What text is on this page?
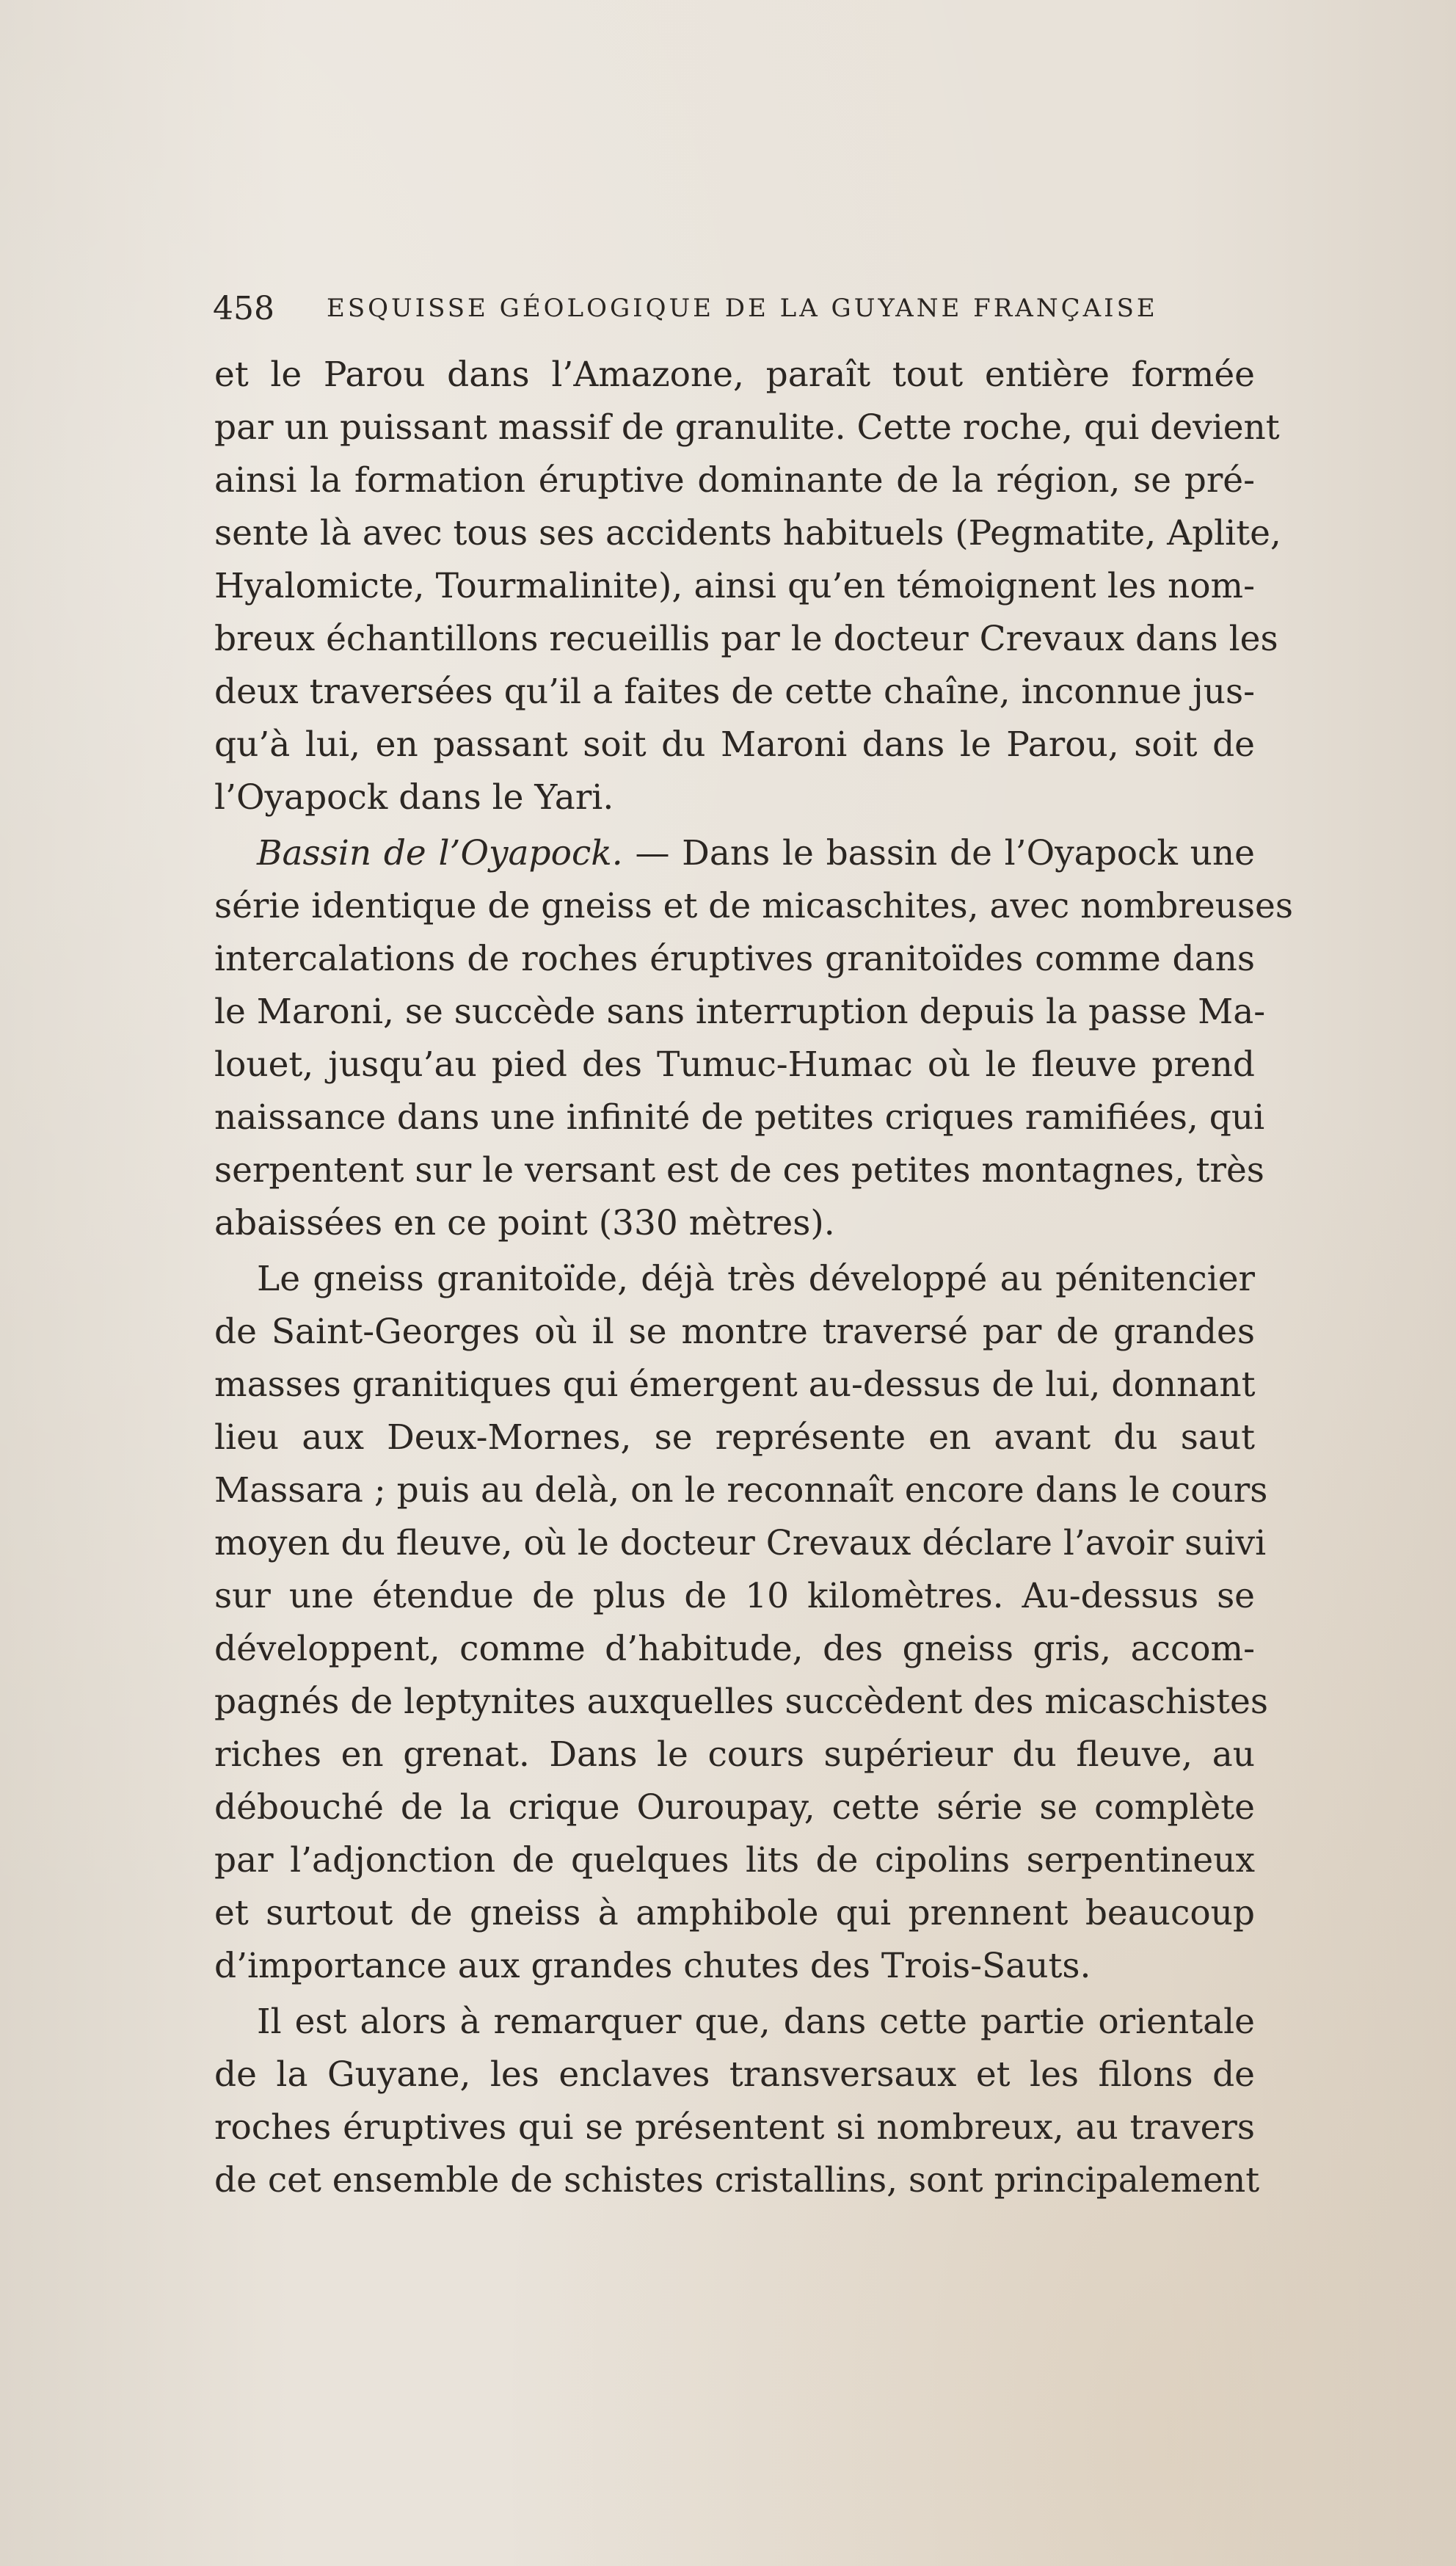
458 ESQUISSE GÉOLOGIQUE DE LA GUYANE FRANÇAISE
et le Parou dans l’Amazone, paraît tout entière formée
par un puissant massif de granulite. Cette roche, qui devient
ainsi la formation éruptive dominante de la région, se pré-
sente là avec tous ses accidents habituels (Pegmatite, Aplite,
Hyalomicte, Tourmalinite), ainsi qu’en témoignent les nom-
breux échantillons recueillis par le docteur Crevaux dans les
deux traversées qu’il a faites de cette chaîne, inconnue jus-
qu’à lui, en passant soit du Maroni dans le Parou, soit de
l’Oyapock dans le Yari.
Bassin de l’Oyapock. — Dans le bassin de l’Oyapock une
série identique de gneiss et de micaschites, avec nombreuses
intercalations de roches éruptives granitoïdes comme dans
le Maroni, se succède sans interruption depuis la passe Ma-
louet, jusqu’au pied des Tumuc-Humac où le fleuve prend
naissance dans une infinité de petites criques ramifiées, qui
serpentent sur le versant est de ces petites montagnes, très
abaissées en ce point (330 mètres).
Le gneiss granitoïde, déjà très développé au pénitencier
de Saint-Georges où il se montre traversé par de grandes
masses granitiques qui émergent au-dessus de lui, donnant
lieu aux Deux-Mornes, se représente en avant du saut
Massara ; puis au delà, on le reconnaît encore dans le cours
moyen du fleuve, où le docteur Crevaux déclare l’avoir suivi
sur une étendue de plus de 10 kilomètres. Au-dessus se
développent, comme d’habitude, des gneiss gris, accom-
pagnés de leptynites auxquelles succèdent des micaschistes
riches en grenat. Dans le cours supérieur du fleuve, au
débouché de la crique Ouroupay, cette série se complète
par l’adjonction de quelques lits de cipolins serpentineux
et surtout de gneiss à amphibole qui prennent beaucoup
d’importance aux grandes chutes des Trois-Sauts.
Il est alors à remarquer que, dans cette partie orientale
de la Guyane, les enclaves transversaux et les filons de
roches éruptives qui se présentent si nombreux, au travers
de cet ensemble de schistes cristallins, sont principalement
